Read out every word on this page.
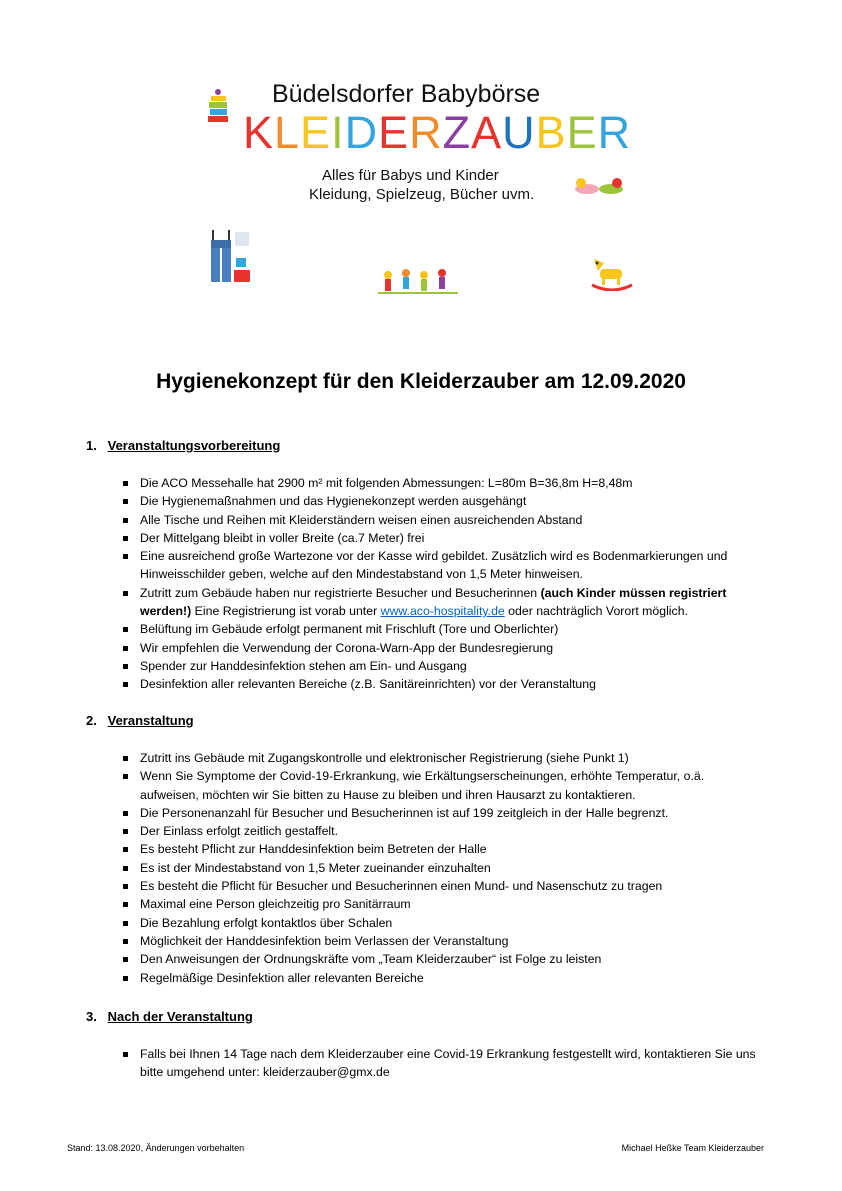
Büdelsdorfer Babybörse
KLEIDERZAUBER
Alles für Babys und Kinder
Kleidung, Spielzeug, Bücher uvm.
Hygienekonzept für den Kleiderzauber am 12.09.2020
1. Veranstaltungsvorbereitung
Die ACO Messehalle hat 2900 m² mit folgenden Abmessungen: L=80m B=36,8m H=8,48m
Die Hygienemaßnahmen und das Hygienekonzept werden ausgehängt
Alle Tische und Reihen mit Kleiderständern weisen einen ausreichenden Abstand
Der Mittelgang bleibt in voller Breite (ca.7 Meter) frei
Eine ausreichend große Wartezone vor der Kasse wird gebildet. Zusätzlich wird es Bodenmarkierungen und Hinweisschilder geben, welche auf den Mindestabstand von 1,5 Meter hinweisen.
Zutritt zum Gebäude haben nur registrierte Besucher und Besucherinnen (auch Kinder müssen registriert werden!) Eine Registrierung ist vorab unter www.aco-hospitality.de oder nachträglich Vorort möglich.
Belüftung im Gebäude erfolgt permanent mit Frischluft (Tore und Oberlichter)
Wir empfehlen die Verwendung der Corona-Warn-App der Bundesregierung
Spender zur Handdesinfektion stehen am Ein- und Ausgang
Desinfektion aller relevanten Bereiche (z.B. Sanitäreinrichten) vor der Veranstaltung
2. Veranstaltung
Zutritt ins Gebäude mit Zugangskontrolle und elektronischer Registrierung (siehe Punkt 1)
Wenn Sie Symptome der Covid-19-Erkrankung, wie Erkältungserscheinungen, erhöhte Temperatur, o.ä. aufweisen, möchten wir Sie bitten zu Hause zu bleiben und ihren Hausarzt zu kontaktieren.
Die Personenanzahl für Besucher und Besucherinnen ist auf 199 zeitgleich in der Halle begrenzt.
Der Einlass erfolgt zeitlich gestaffelt.
Es besteht Pflicht zur Handdesinfektion beim Betreten der Halle
Es ist der Mindestabstand von 1,5 Meter zueinander einzuhalten
Es besteht die Pflicht für Besucher und Besucherinnen einen Mund- und Nasenschutz zu tragen
Maximal eine Person gleichzeitig pro Sanitärraum
Die Bezahlung erfolgt kontaktlos über Schalen
Möglichkeit der Handdesinfektion beim Verlassen der Veranstaltung
Den Anweisungen der Ordnungskräfte vom „Team Kleiderzauber“ ist Folge zu leisten
Regelmäßige Desinfektion aller relevanten Bereiche
3. Nach der Veranstaltung
Falls bei Ihnen 14 Tage nach dem Kleiderzauber eine Covid-19 Erkrankung festgestellt wird, kontaktieren Sie uns bitte umgehend unter: kleiderzauber@gmx.de
Stand: 13.08.2020, Änderungen vorbehalten	Michael Heßke Team Kleiderzauber
